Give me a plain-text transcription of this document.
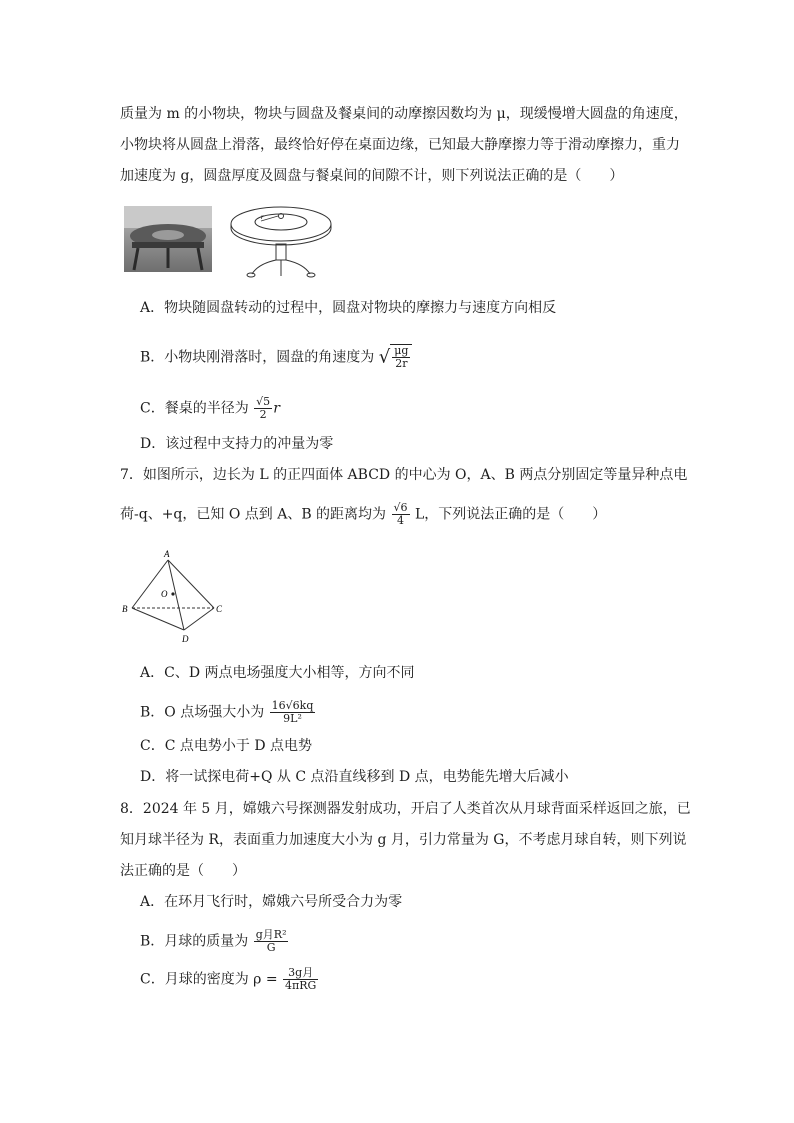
质量为 m 的小物块，物块与圆盘及餐桌间的动摩擦因数均为 μ，现缓慢增大圆盘的角速度，
小物块将从圆盘上滑落，最终恰好停在桌面边缘，已知最大静摩擦力等于滑动摩擦力，重力
加速度为 g，圆盘厚度及圆盘与餐桌间的间隙不计，则下列说法正确的是（　　）
r
A．物块随圆盘转动的过程中，圆盘对物块的摩擦力与速度方向相反
B．小物块刚滑落时，圆盘的角速度为 √ $\frac{\mu g}{2r}$
C．餐桌的半径为 $\frac{√5}{2}$ r
D．该过程中支持力的冲量为零
7．如图所示，边长为 L 的正四面体 ABCD 的中心为 O，A、B 两点分别固定等量异种点电
荷-q、+q，已知 O 点到 A、B 的距离均为 $\frac{√6}{4}$ L，下列说法正确的是（　　）
A
B	C
D
O
A．C、D 两点电场强度大小相等，方向不同
B．O 点场强大小为 $\frac{16√6kq}{\text{9L²}}$
C．C 点电势小于 D 点电势
D．将一试探电荷+Q 从 C 点沿直线移到 D 点，电势能先增大后减小
8．2024 年 5 月，嫦娥六号探测器发射成功，开启了人类首次从月球背面采样返回之旅，已
知月球半径为 R，表面重力加速度大小为 g 月，引力常量为 G，不考虑月球自转，则下列说
法正确的是（　　）
A．在环月飞行时，嫦娥六号所受合力为零
B．月球的质量为 $\frac{\text{g月R²}}{G}$
C．月球的密度为 $\rho = \frac{\text{3g月}}{\text{4πRG}}$
